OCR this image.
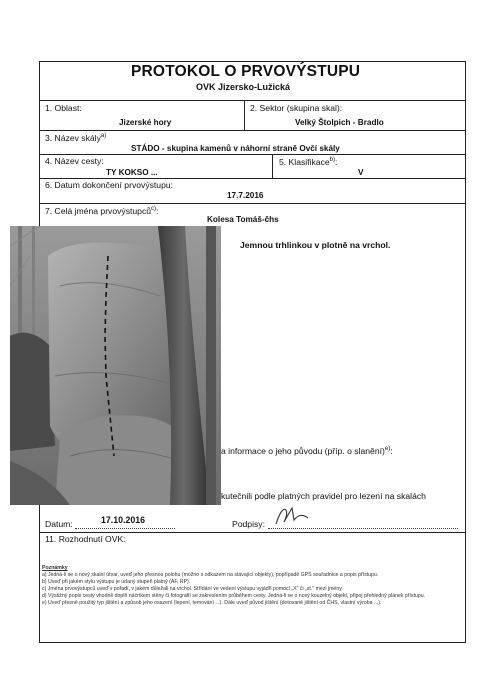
PROTOKOL O PRVOVÝSTUPU
OVK Jizersko-Lužická
1. Oblast:
Jizerské hory
2. Sektor (skupina skal):
Velký Štolpich - Bradlo
3. Název skály$^{a)}$
STÁDO - skupina kamenů v náhorní straně Ovčí skály
4. Název cesty:
TY KOKSO ...
5. Klasifikace$^{b)}$:
V
6. Datum dokončení prvovýstupu:
17.7.2016
7. Celá jména prvovýstupců$^{c)}$:
Kolesa Tomáš-čhs
Jemnou trhlinkou v plotně na vrchol.
a informace o jeho původu (příp. o slanění)$^{e)}$:
kutečnili podle platných pravidel pro lezení na skalách
Datum:	17.10.2016	Podpisy:
11. Rozhodnutí OVK:
Poznámky
a) Jedná-li se o nový skalní útvar, uveď jeho přesnou polohu (možno s odkazem na stávající objekty), popřípadě GPS souřadnice a popis přístupu.
b) Uveď při jakém stylu výstupu je udaný stupeň platný (AF, RP).
c) Jména prvovýstupců uveď v pořadí, v jakém důležali na vrchol. Střídání ve vedení výstupu vyjádři pomocí „X" či „st." mezi jmény.
d) Výstižný popis cesty vhodně doplň náčrtkem stěny či fotografií se zakreslením průběhem cesty. Jedná-li se o nový kouzelný objekt, připoj přehledný plánek přístupu.
e) Uveď přesně použitý typ jištění a způsob jeho osazení (lepení, temování ...). Dále uveď původ jištění (dotované jištění od ČHS, vlastní výroba ...).
